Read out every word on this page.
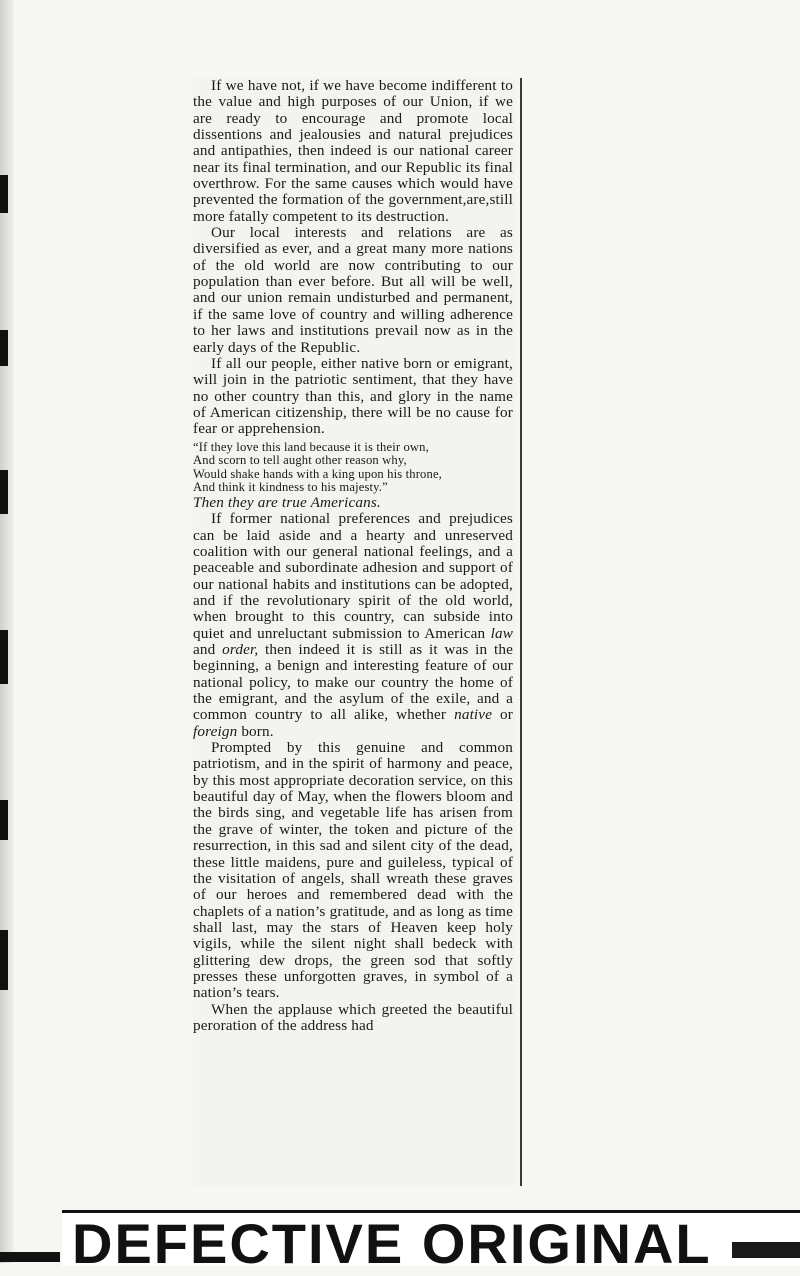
If we have not, if we have become indifferent to the value and high purposes of our Union, if we are ready to encourage and promote local dissentions and jealousies and natural prejudices and antipathies, then indeed is our national career near its final termination, and our Republic its final overthrow. For the same causes which would have prevented the formation of the government,are,still more fatally competent to its destruction.

Our local interests and relations are as diversified as ever, and a great many more nations of the old world are now contributing to our population than ever before. But all will be well, and our union remain undisturbed and permanent, if the same love of country and willing adherence to her laws and institutions prevail now as in the early days of the Republic.

If all our people, either native born or emigrant, will join in the patriotic sentiment, that they have no other country than this, and glory in the name of American citizenship, there will be no cause for fear or apprehension.

“If they love this land because it is their own,
And scorn to tell aught other reason why,
Would shake hands with a king upon his throne,
And think it kindness to his majesty.”

Then they are true Americans.

If former national preferences and prejudices can be laid aside and a hearty and unreserved coalition with our general national feelings, and a peaceable and subordinate adhesion and support of our national habits and institutions can be adopted, and if the revolutionary spirit of the old world, when brought to this country, can subside into quiet and unreluctant submission to American law and order, then indeed it is still as it was in the beginning, a benign and interesting feature of our national policy, to make our country the home of the emigrant, and the asylum of the exile, and a common country to all alike, whether native or foreign born.

Prompted by this genuine and common patriotism, and in the spirit of harmony and peace, by this most appropriate decoration service, on this beautiful day of May, when the flowers bloom and the birds sing, and vegetable life has arisen from the grave of winter, the token and picture of the resurrection, in this sad and silent city of the dead, these little maidens, pure and guileless, typical of the visitation of angels, shall wreath these graves of our heroes and remembered dead with the chaplets of a nation’s gratitude, and as long as time shall last, may the stars of Heaven keep holy vigils, while the silent night shall bedeck with glittering dew drops, the green sod that softly presses these unforgotten graves, in symbol of a nation’s tears.

When the applause which greeted the beautiful peroration of the address had

DEFECTIVE ORIGINAL
